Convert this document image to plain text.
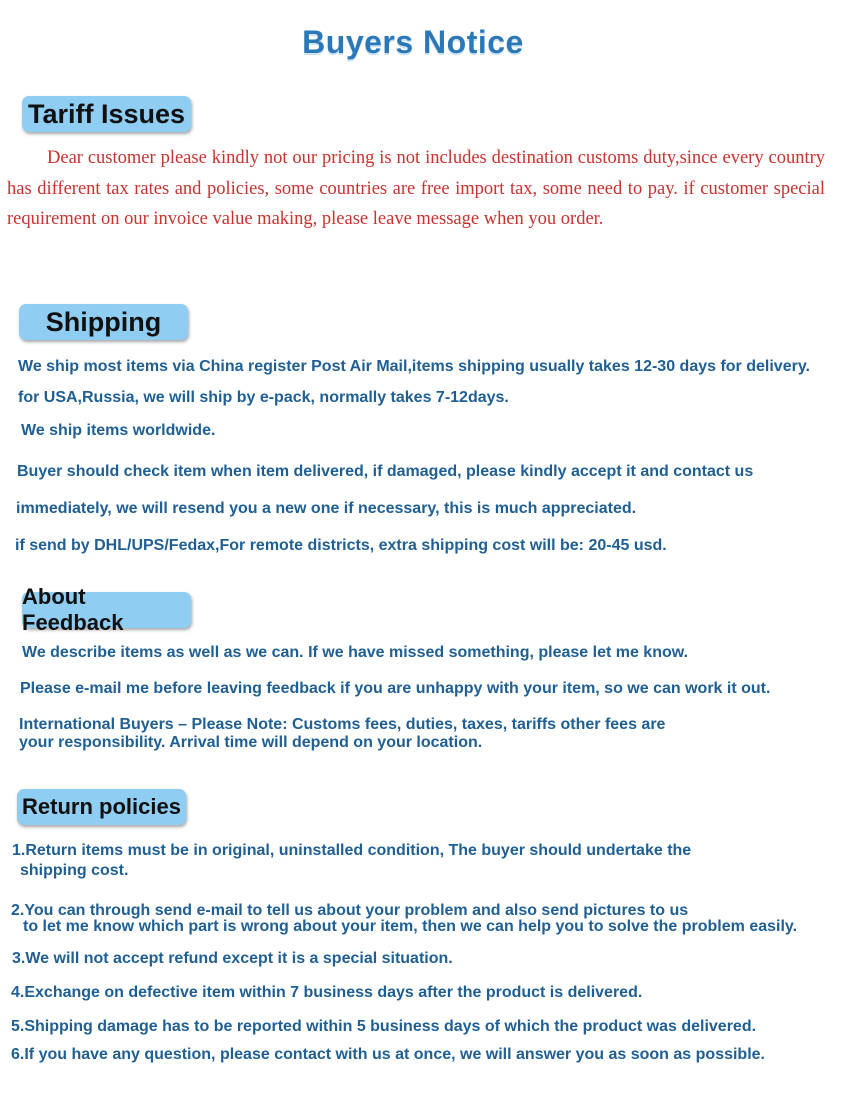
Buyers Notice
Tariff Issues
Dear customer please kindly not our pricing is not includes destination customs duty,since every country has different tax rates and policies, some countries are free import tax, some need to pay. if customer special requirement on our invoice value making, please leave message when you order.
Shipping
We ship most items via China register Post Air Mail,items shipping usually takes 12-30 days for delivery.
for USA,Russia, we will ship by e-pack, normally takes 7-12days.
We ship items worldwide.
Buyer should check item when item delivered, if damaged, please kindly accept it and contact us
immediately, we will resend you a new one if necessary, this is much appreciated.
if send by DHL/UPS/Fedax,For remote districts, extra shipping cost will be: 20-45 usd.
About Feedback
We describe items as well as we can. If we have missed something, please let me know.
Please e-mail me before leaving feedback if you are unhappy with your item, so we can work it out.
International Buyers – Please Note: Customs fees, duties, taxes, tariffs other fees are
your responsibility. Arrival time will depend on your location.
Return policies
1.Return items must be in original, uninstalled condition, The buyer should undertake the
shipping cost.
2.You can through send e-mail to tell us about your problem and also send pictures to us
to let me know which part is wrong about your item, then we can help you to solve the problem easily.
3.We will not accept refund except it is a special situation.
4.Exchange on defective item within 7 business days after the product is delivered.
5.Shipping damage has to be reported within 5 business days of which the product was delivered.
6.If you have any question, please contact with us at once, we will answer you as soon as possible.
